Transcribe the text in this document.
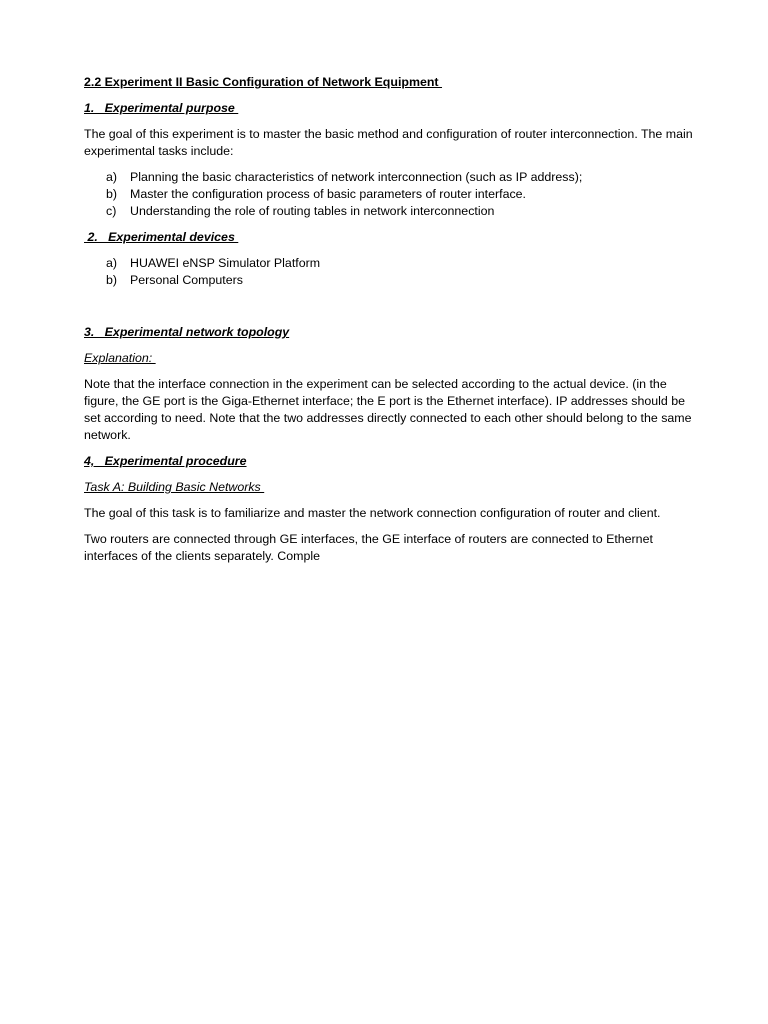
2.2 Experiment II Basic Configuration of Network Equipment
1.   Experimental purpose

The goal of this experiment is to master the basic method and configuration of router interconnection. The main experimental tasks include:

a) Planning the basic characteristics of network interconnection (such as IP address);
b) Master the configuration process of basic parameters of router interface.
c) Understanding the role of routing tables in network interconnection
2.   Experimental devices
a) HUAWEI eNSP Simulator Platform
b) Personal Computers
3.   Experimental network topology
Explanation:

Note that the interface connection in the experiment can be selected according to the actual device. (in the figure, the GE port is the Giga-Ethernet interface; the E port is the Ethernet interface). IP addresses should be set according to need. Note that the two addresses directly connected to each other should belong to the same network.

4,   Experimental procedure
Task A: Building Basic Networks

The goal of this task is to familiarize and master the network connection configuration of router and client.

Two routers are connected through GE interfaces, the GE interface of routers are connected to Ethernet interfaces of the clients separately. Comple
